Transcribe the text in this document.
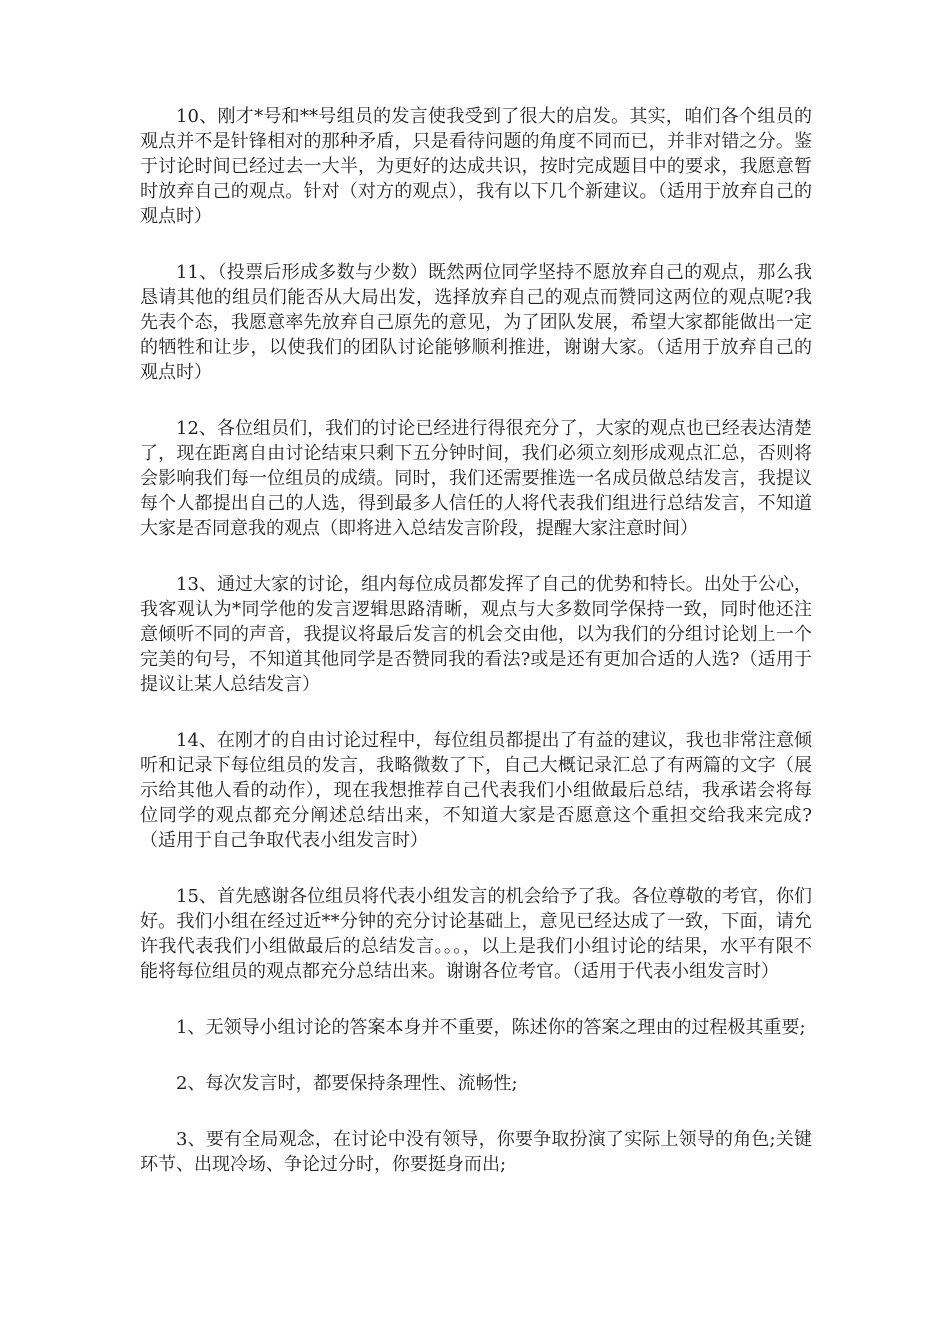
10、刚才*号和**号组员的发言使我受到了很大的启发。其实，咱们各个组员的观点并不是针锋相对的那种矛盾，只是看待问题的角度不同而已，并非对错之分。鉴于讨论时间已经过去一大半，为更好的达成共识，按时完成题目中的要求，我愿意暂时放弃自己的观点。针对（对方的观点），我有以下几个新建议。（适用于放弃自己的观点时）

11、（投票后形成多数与少数）既然两位同学坚持不愿放弃自己的观点，那么我恳请其他的组员们能否从大局出发，选择放弃自己的观点而赞同这两位的观点呢?我先表个态，我愿意率先放弃自己原先的意见，为了团队发展，希望大家都能做出一定的牺牲和让步，以使我们的团队讨论能够顺利推进，谢谢大家。（适用于放弃自己的观点时）

12、各位组员们，我们的讨论已经进行得很充分了，大家的观点也已经表达清楚了，现在距离自由讨论结束只剩下五分钟时间，我们必须立刻形成观点汇总，否则将会影响我们每一位组员的成绩。同时，我们还需要推选一名成员做总结发言，我提议每个人都提出自己的人选，得到最多人信任的人将代表我们组进行总结发言，不知道大家是否同意我的观点（即将进入总结发言阶段，提醒大家注意时间）

13、通过大家的讨论，组内每位成员都发挥了自己的优势和特长。出处于公心，我客观认为*同学他的发言逻辑思路清晰，观点与大多数同学保持一致，同时他还注意倾听不同的声音，我提议将最后发言的机会交由他，以为我们的分组讨论划上一个完美的句号，不知道其他同学是否赞同我的看法?或是还有更加合适的人选?（适用于提议让某人总结发言）

14、在刚才的自由讨论过程中，每位组员都提出了有益的建议，我也非常注意倾听和记录下每位组员的发言，我略微数了下，自己大概记录汇总了有两篇的文字（展示给其他人看的动作），现在我想推荐自己代表我们小组做最后总结，我承诺会将每位同学的观点都充分阐述总结出来，不知道大家是否愿意这个重担交给我来完成?（适用于自己争取代表小组发言时）

15、首先感谢各位组员将代表小组发言的机会给予了我。各位尊敬的考官，你们好。我们小组在经过近**分钟的充分讨论基础上，意见已经达成了一致，下面，请允许我代表我们小组做最后的总结发言。。。，以上是我们小组讨论的结果，水平有限不能将每位组员的观点都充分总结出来。谢谢各位考官。（适用于代表小组发言时）

1、无领导小组讨论的答案本身并不重要，陈述你的答案之理由的过程极其重要;

2、每次发言时，都要保持条理性、流畅性;

3、要有全局观念，在讨论中没有领导，你要争取扮演了实际上领导的角色;关键环节、出现冷场、争论过分时，你要挺身而出;
